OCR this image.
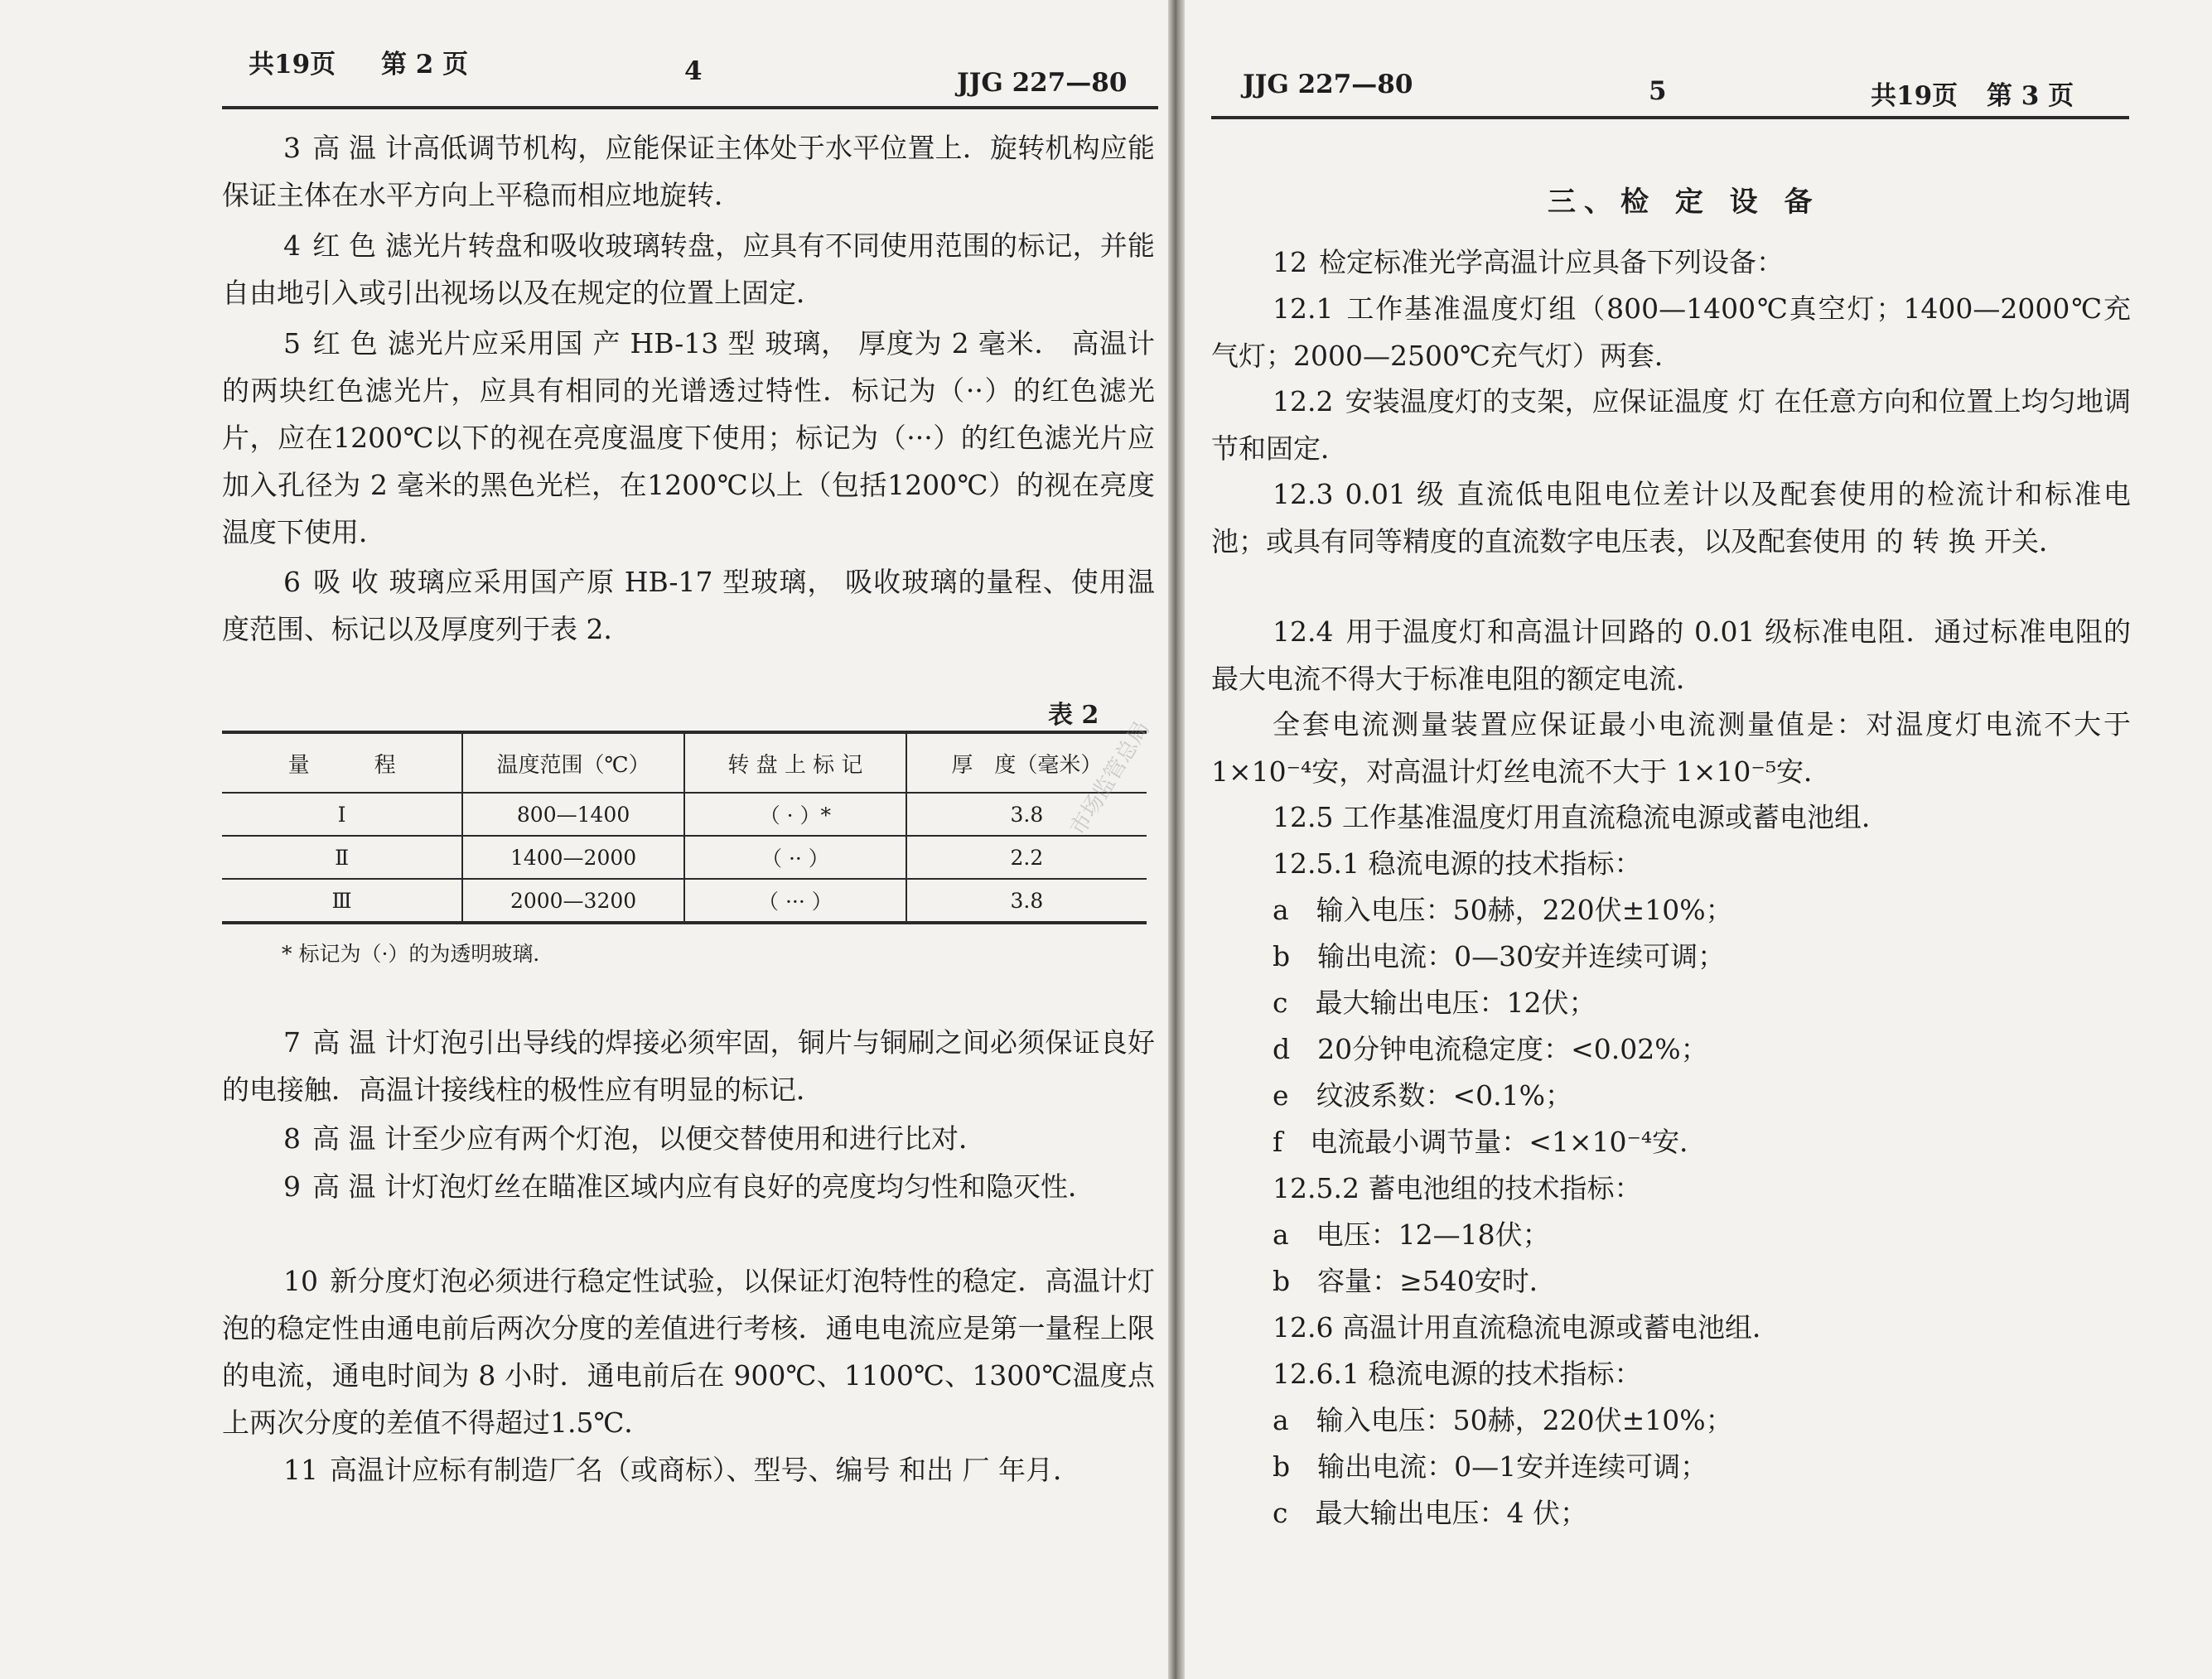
共19页 第 2 页	4	JJG 227—80

3 高 温 计高低调节机构，应能保证主体处于水平位置上．旋转机构应能保证主体在水平方向上平稳而相应地旋转．

4 红 色 滤光片转盘和吸收玻璃转盘，应具有不同使用范围的标记，并能自由地引入或引出视场以及在规定的位置上固定．

5 红 色 滤光片应采用国 产 HB-13 型 玻璃， 厚度为 2 毫米． 高温计的两块红色滤光片，应具有相同的光谱透过特性．标记为（··）的红色滤光片，应在1200℃以下的视在亮度温度下使用；标记为（···）的红色滤光片应加入孔径为 2 毫米的黑色光栏，在1200℃以上（包括1200℃）的视在亮度温度下使用．

6 吸 收 玻璃应采用国产原 HB-17 型玻璃， 吸收玻璃的量程、使用温度范围、标记以及厚度列于表 2．

表 2
量　　　程	温度范围（℃）	转 盘 上 标 记	厚　度（毫米）
Ⅰ	800—1400	（ · ）*	3.8
Ⅱ	1400—2000	（ ·· ）	2.2
Ⅲ	2000—3200	（ ··· ）	3.8
* 标记为（·）的为透明玻璃．

7 高 温 计灯泡引出导线的焊接必须牢固，铜片与铜刷之间必须保证良好的电接触．高温计接线柱的极性应有明显的标记．

8 高 温 计至少应有两个灯泡，以便交替使用和进行比对．

9 高 温 计灯泡灯丝在瞄准区域内应有良好的亮度均匀性和隐灭性．

10 新分度灯泡必须进行稳定性试验，以保证灯泡特性的稳定．高温计灯泡的稳定性由通电前后两次分度的差值进行考核．通电电流应是第一量程上限的电流，通电时间为 8 小时．通电前后在 900℃、1100℃、1300℃温度点上两次分度的差值不得超过1.5℃．

11 高温计应标有制造厂名（或商标）、型号、编号 和出 厂 年月．

JJG 227—80	5	共19页 第 3 页
三、检 定 设 备

12 检定标准光学高温计应具备下列设备：

12.1 工作基准温度灯组（800—1400℃真空灯；1400—2000℃充气灯；2000—2500℃充气灯）两套．

12.2 安装温度灯的支架，应保证温度 灯 在任意方向和位置上均匀地调节和固定．

12.3 0.01 级 直流低电阻电位差计以及配套使用的检流计和标准电池；或具有同等精度的直流数字电压表，以及配套使用 的 转 换 开关．

12.4 用于温度灯和高温计回路的 0.01 级标准电阻．通过标准电阻的最大电流不得大于标准电阻的额定电流．

全套电流测量装置应保证最小电流测量值是：对温度灯电流不大于1×10⁻⁴安，对高温计灯丝电流不大于 1×10⁻⁵安．

12.5 工作基准温度灯用直流稳流电源或蓄电池组．
12.5.1 稳流电源的技术指标：
a　输入电压：50赫，220伏±10%；
b　输出电流：0—30安并连续可调；
c　最大输出电压：12伏；
d　20分钟电流稳定度：<0.02%；
e　纹波系数：<0.1%；
f　电流最小调节量：<1×10⁻⁴安．
12.5.2 蓄电池组的技术指标：
a　电压：12—18伏；
b　容量：≥540安时．
12.6 高温计用直流稳流电源或蓄电池组．
12.6.1 稳流电源的技术指标：
a　输入电压：50赫，220伏±10%；
b　输出电流：0—1安并连续可调；
c　最大输出电压：4 伏；
市场监管总局
